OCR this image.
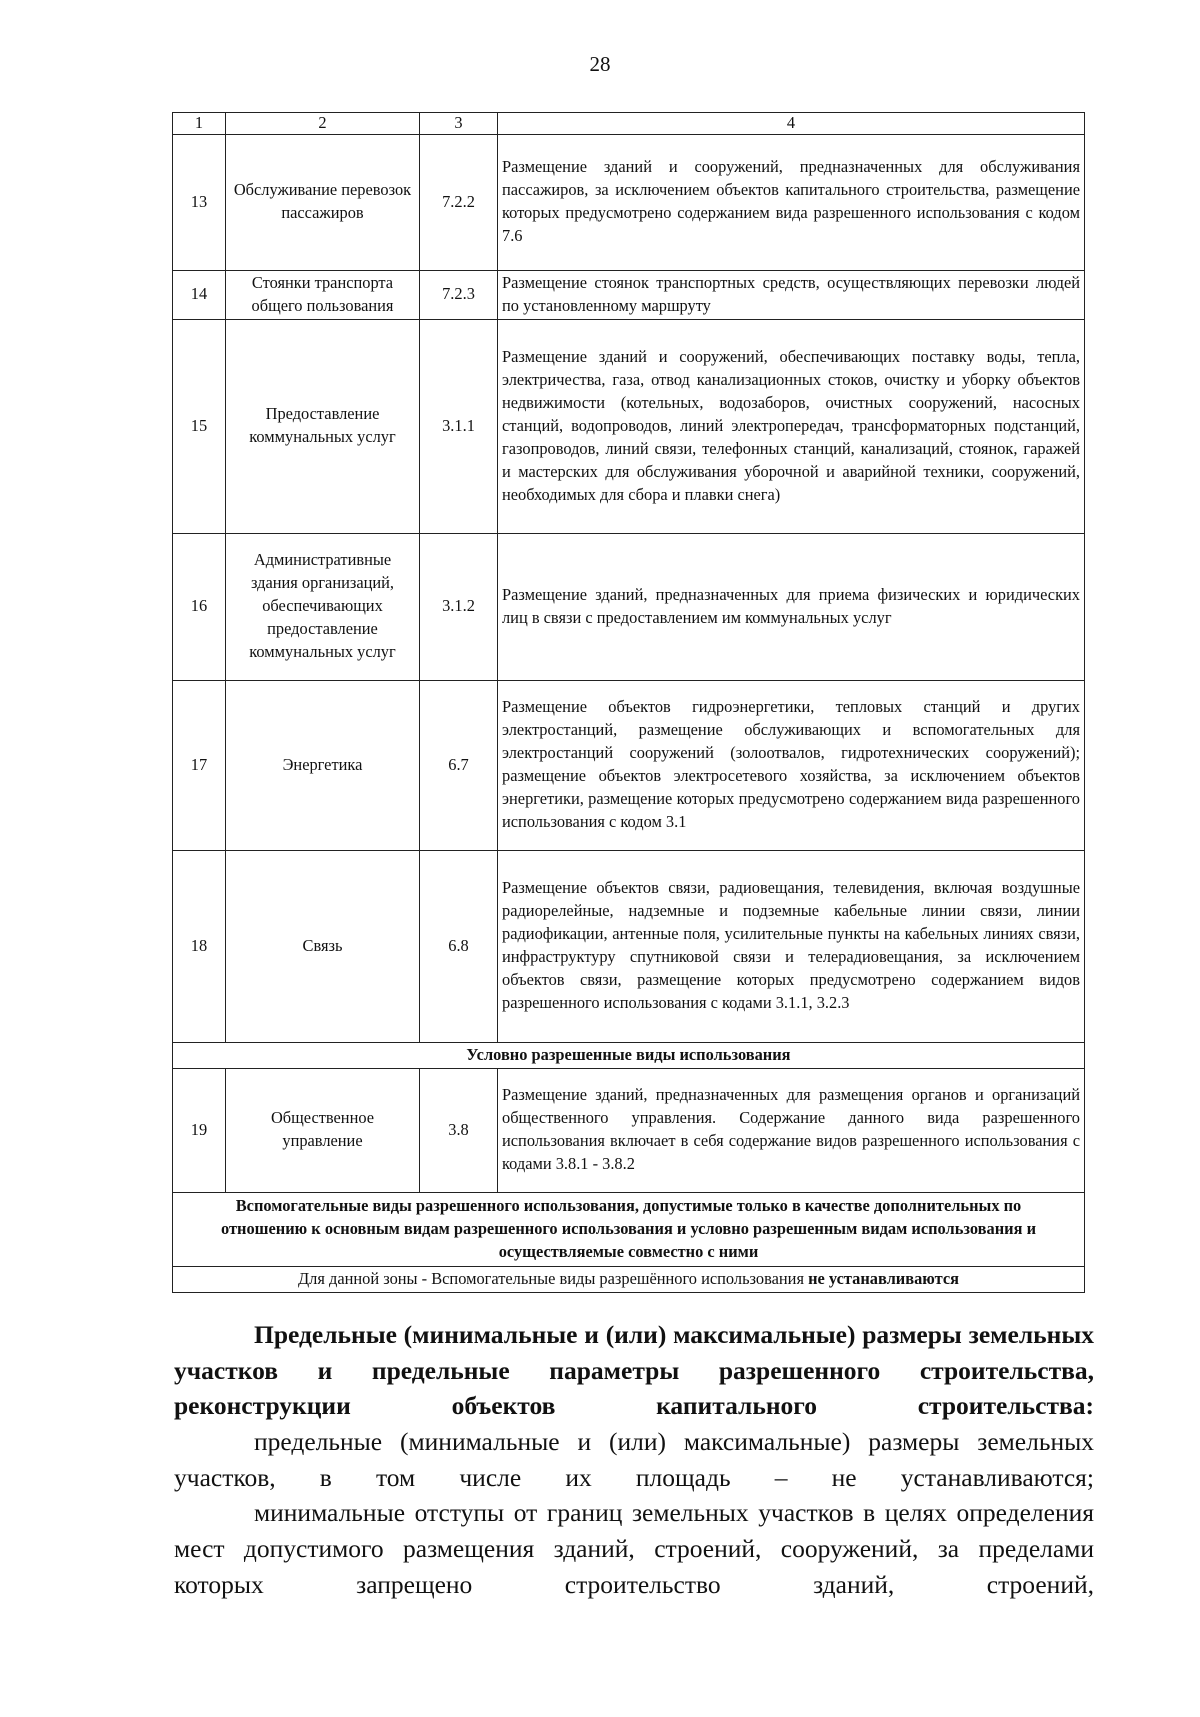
28
1	2	3	4
13	Обслуживание перевозок пассажиров	7.2.2	Размещение зданий и сооружений, предназначенных для обслуживания пассажиров, за исключением объектов капитального строительства, размещение которых предусмотрено содержанием вида разрешенного использования с кодом 7.6
14	Стоянки транспорта общего пользования	7.2.3	Размещение стоянок транспортных средств, осуществляющих перевозки людей по установленному маршруту
15	Предоставление коммунальных услуг	3.1.1	Размещение зданий и сооружений, обеспечивающих поставку воды, тепла, электричества, газа, отвод канализационных стоков, очистку и уборку объектов недвижимости (котельных, водозаборов, очистных сооружений, насосных станций, водопроводов, линий электропередач, трансформаторных подстанций, газопроводов, линий связи, телефонных станций, канализаций, стоянок, гаражей и мастерских для обслуживания уборочной и аварийной техники, сооружений, необходимых для сбора и плавки снега)
16	Административные здания организаций, обеспечивающих предоставление коммунальных услуг	3.1.2	Размещение зданий, предназначенных для приема физических и юридических лиц в связи с предоставлением им коммунальных услуг
17	Энергетика	6.7	Размещение объектов гидроэнергетики, тепловых станций и других электростанций, размещение обслуживающих и вспомогательных для электростанций сооружений (золоотвалов, гидротехнических сооружений); размещение объектов электросетевого хозяйства, за исключением объектов энергетики, размещение которых предусмотрено содержанием вида разрешенного использования с кодом 3.1
18	Связь	6.8	Размещение объектов связи, радиовещания, телевидения, включая воздушные радиорелейные, надземные и подземные кабельные линии связи, линии радиофикации, антенные поля, усилительные пункты на кабельных линиях связи, инфраструктуру спутниковой связи и телерадиовещания, за исключением объектов связи, размещение которых предусмотрено содержанием видов разрешенного использования с кодами 3.1.1, 3.2.3
Условно разрешенные виды использования			
19	Общественное управление	3.8	Размещение зданий, предназначенных для размещения органов и организаций общественного управления. Содержание данного вида разрешенного использования включает в себя содержание видов разрешенного использования с кодами 3.8.1 - 3.8.2
Вспомогательные виды разрешенного использования, допустимые только в качестве дополнительных по отношению к основным видам разрешенного использования и условно разрешенным видам использования и осуществляемые совместно с ними			
Для данной зоны - Вспомогательные виды разрешённого использования не устанавливаются			

Предельные (минимальные и (или) максимальные) размеры земельных участков и предельные параметры разрешенного строительства, реконструкции объектов капитального строительства:

предельные (минимальные и (или) максимальные) размеры земельных участков, в том числе их площадь – не устанавливаются;

минимальные отступы от границ земельных участков в целях определения мест допустимого размещения зданий, строений, сооружений, за пределами которых запрещено строительство зданий, строений,
